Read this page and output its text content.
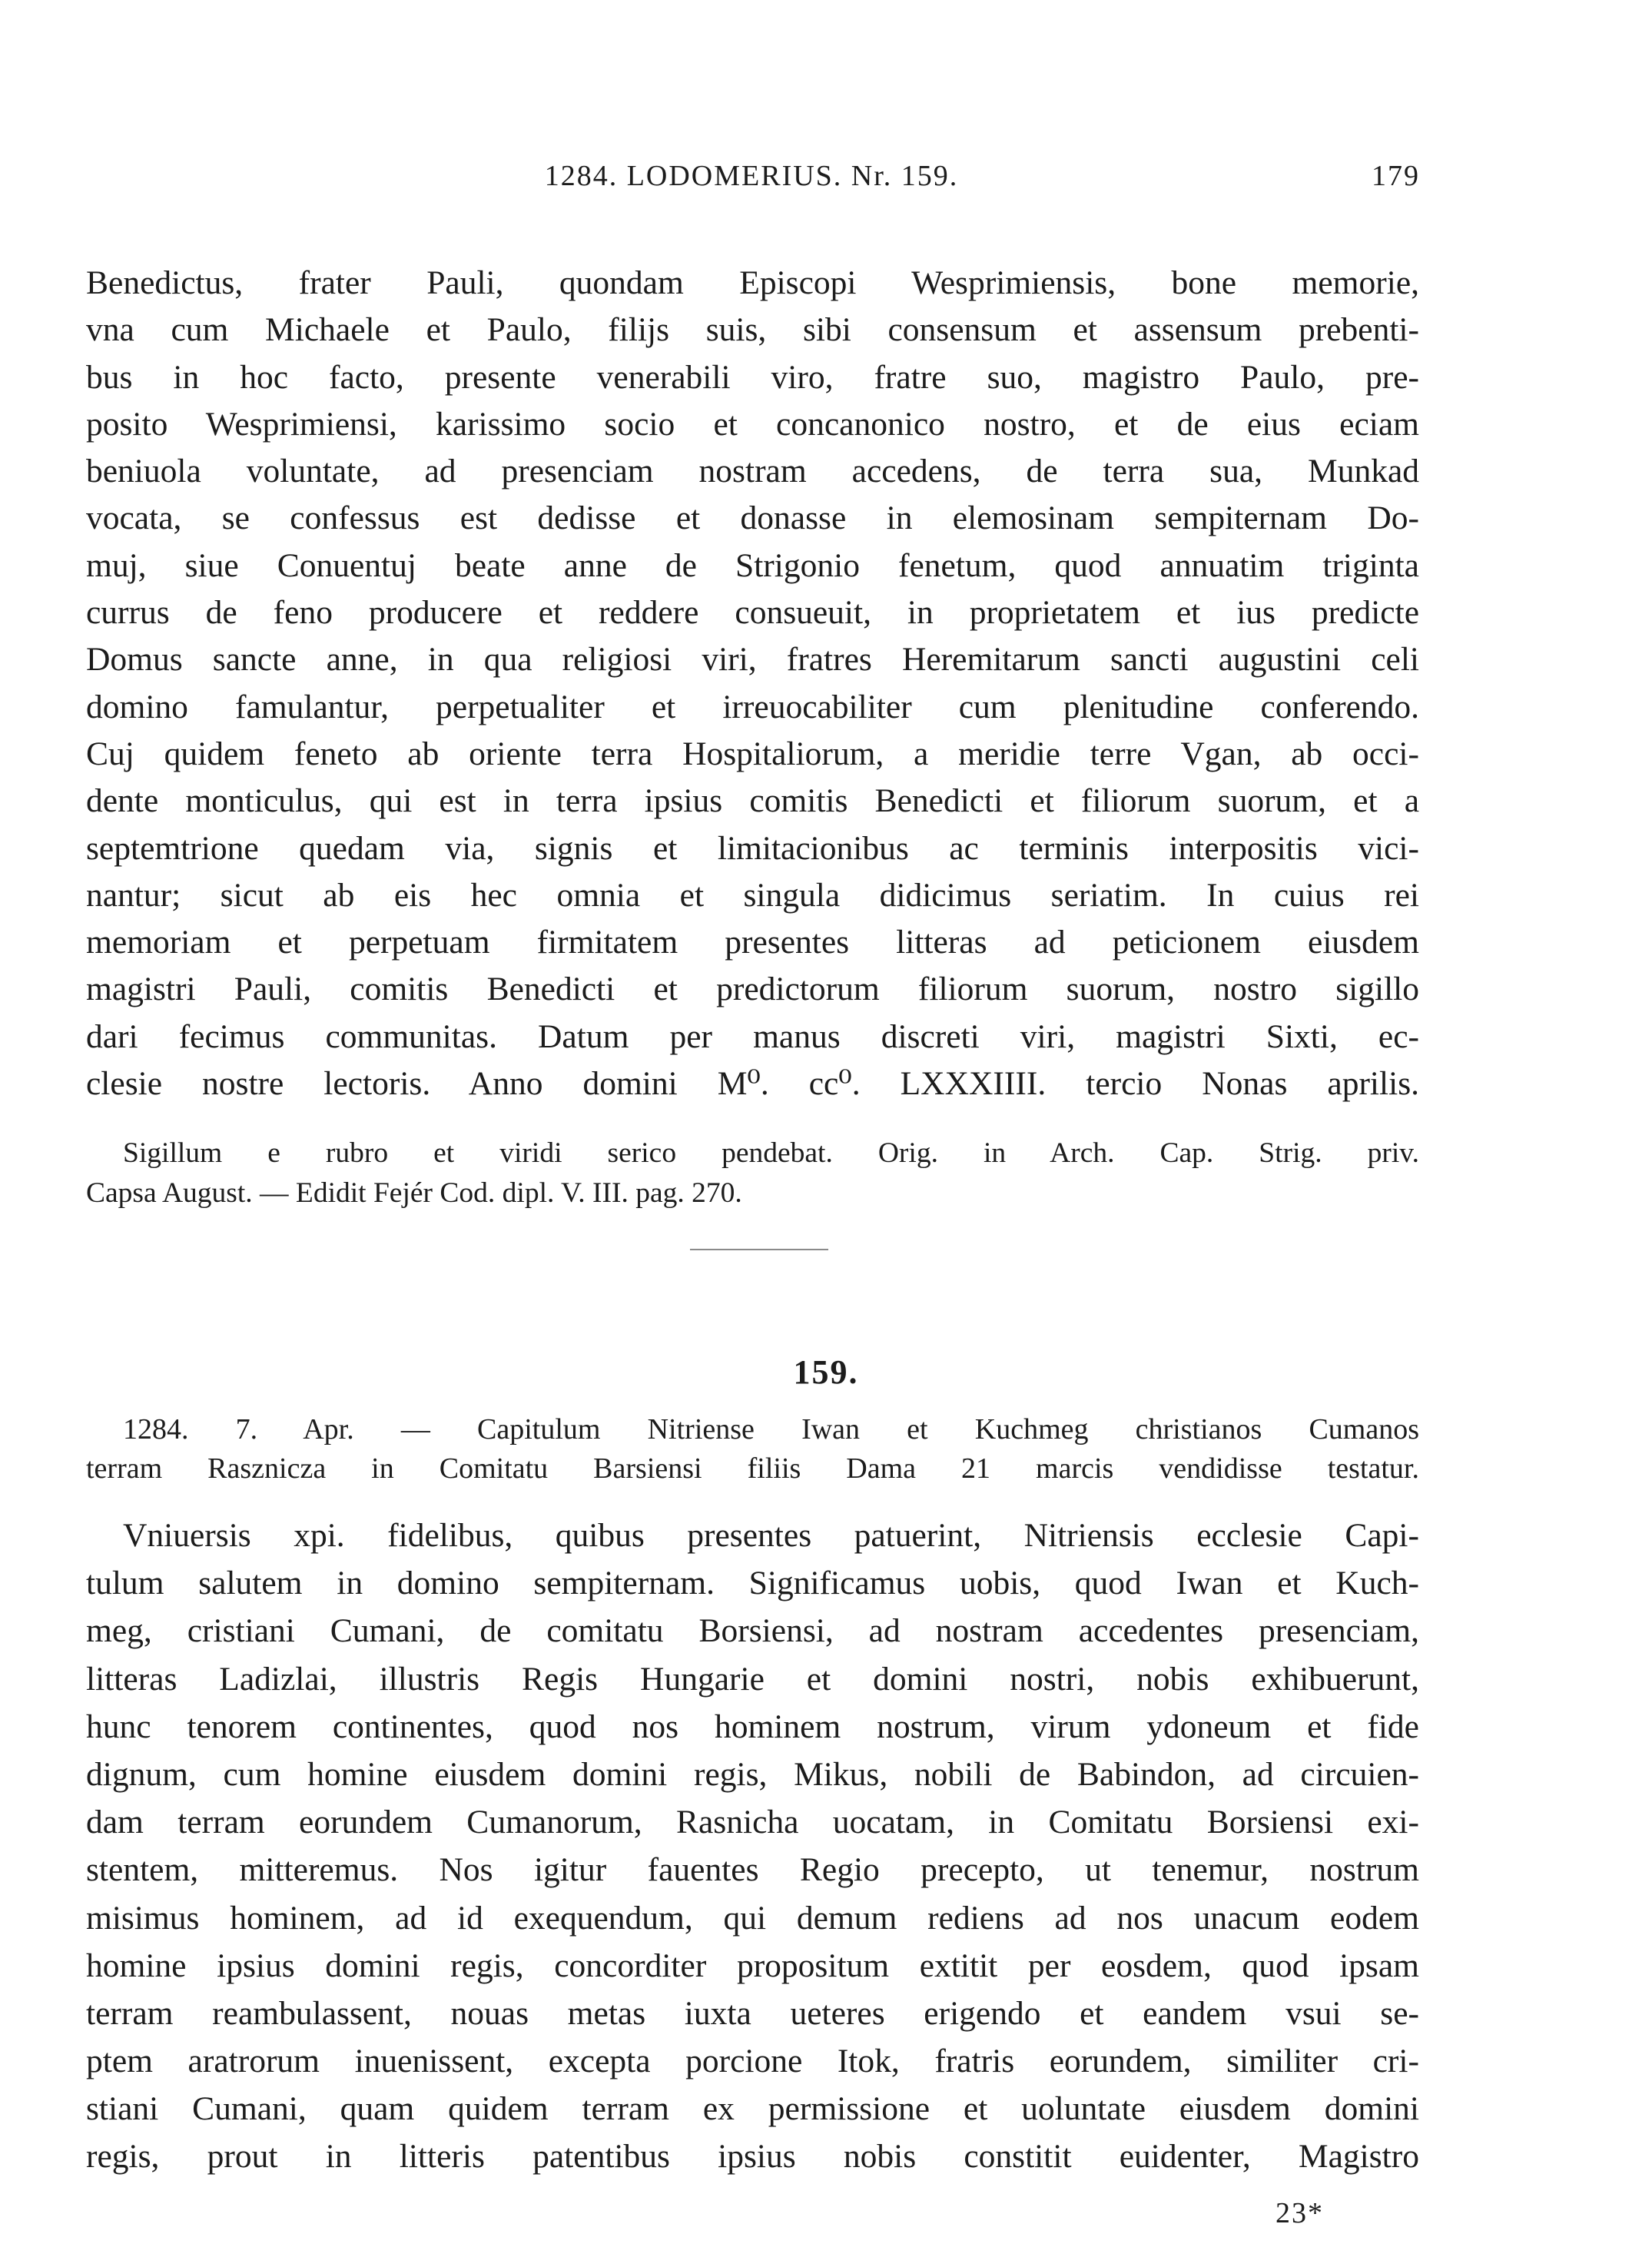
1284. LODOMERIUS. Nr. 159.	179
Benedictus, frater Pauli, quondam Episcopi Wesprimiensis, bone memorie,
vna cum Michaele et Paulo, filijs suis, sibi consensum et assensum prebenti-
bus in hoc facto, presente venerabili viro, fratre suo, magistro Paulo, pre-
posito Wesprimiensi, karissimo socio et concanonico nostro, et de eius eciam
beniuola voluntate, ad presenciam nostram accedens, de terra sua, Munkad
vocata, se confessus est dedisse et donasse in elemosinam sempiternam Do-
muj, siue Conuentuj beate anne de Strigonio fenetum, quod annuatim triginta
currus de feno producere et reddere consueuit, in proprietatem et ius predicte
Domus sancte anne, in qua religiosi viri, fratres Heremitarum sancti augustini celi
domino famulantur, perpetualiter et irreuocabiliter cum plenitudine conferendo.
Cuj quidem feneto ab oriente terra Hospitaliorum, a meridie terre Vgan, ab occi-
dente monticulus, qui est in terra ipsius comitis Benedicti et filiorum suorum, et a
septemtrione quedam via, signis et limitacionibus ac terminis interpositis vici-
nantur; sicut ab eis hec omnia et singula didicimus seriatim. In cuius rei
memoriam et perpetuam firmitatem presentes litteras ad peticionem eiusdem
magistri Pauli, comitis Benedicti et predictorum filiorum suorum, nostro sigillo
dari fecimus communitas. Datum per manus discreti viri, magistri Sixti, ec-
clesie nostre lectoris. Anno domini M⁰. cc⁰. LXXXIIII. tercio Nonas aprilis.
Sigillum e rubro et viridi serico pendebat. Orig. in Arch. Cap. Strig. priv.
Capsa August. — Edidit Fejér Cod. dipl. V. III. pag. 270.
159.
1284. 7. Apr. — Capitulum Nitriense Iwan et Kuchmeg christianos Cumanos
terram Rasznicza in Comitatu Barsiensi filiis Dama 21 marcis vendidisse testatur.
Vniuersis xpi. fidelibus, quibus presentes patuerint, Nitriensis ecclesie Capi-
tulum salutem in domino sempiternam. Significamus uobis, quod Iwan et Kuch-
meg, cristiani Cumani, de comitatu Borsiensi, ad nostram accedentes presenciam,
litteras Ladizlai, illustris Regis Hungarie et domini nostri, nobis exhibuerunt,
hunc tenorem continentes, quod nos hominem nostrum, virum ydoneum et fide
dignum, cum homine eiusdem domini regis, Mikus, nobili de Babindon, ad circuien-
dam terram eorundem Cumanorum, Rasnicha uocatam, in Comitatu Borsiensi exi-
stentem, mitteremus. Nos igitur fauentes Regio precepto, ut tenemur, nostrum
misimus hominem, ad id exequendum, qui demum rediens ad nos unacum eodem
homine ipsius domini regis, concorditer propositum extitit per eosdem, quod ipsam
terram reambulassent, nouas metas iuxta ueteres erigendo et eandem vsui se-
ptem aratrorum inuenissent, excepta porcione Itok, fratris eorundem, similiter cri-
stiani Cumani, quam quidem terram ex permissione et uoluntate eiusdem domini
regis, prout in litteris patentibus ipsius nobis constitit euidenter, Magistro
23*
